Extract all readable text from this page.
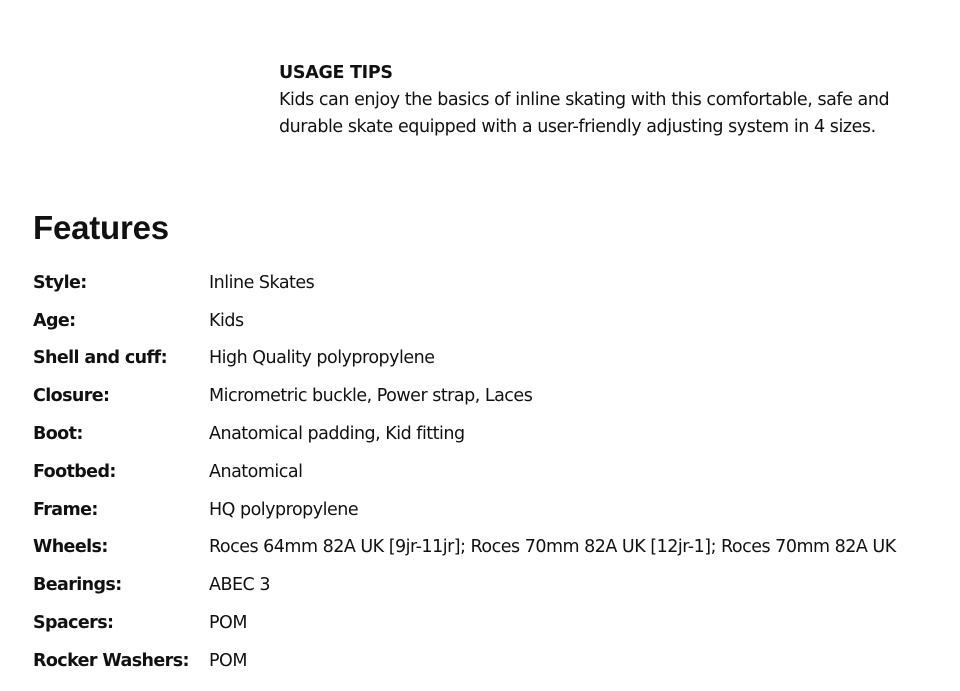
USAGE TIPS
Kids can enjoy the basics of inline skating with this comfortable, safe and
durable skate equipped with a user-friendly adjusting system in 4 sizes.
Features
Style:	Inline Skates
Age:	Kids
Shell and cuff:	High Quality polypropylene
Closure:	Micrometric buckle, Power strap, Laces
Boot:	Anatomical padding, Kid fitting
Footbed:	Anatomical
Frame:	HQ polypropylene
Wheels:	Roces 64mm 82A UK [9jr-11jr]; Roces 70mm 82A UK [12jr-1]; Roces 70mm 82A UK
Bearings:	ABEC 3
Spacers:	POM
Rocker Washers:	POM
